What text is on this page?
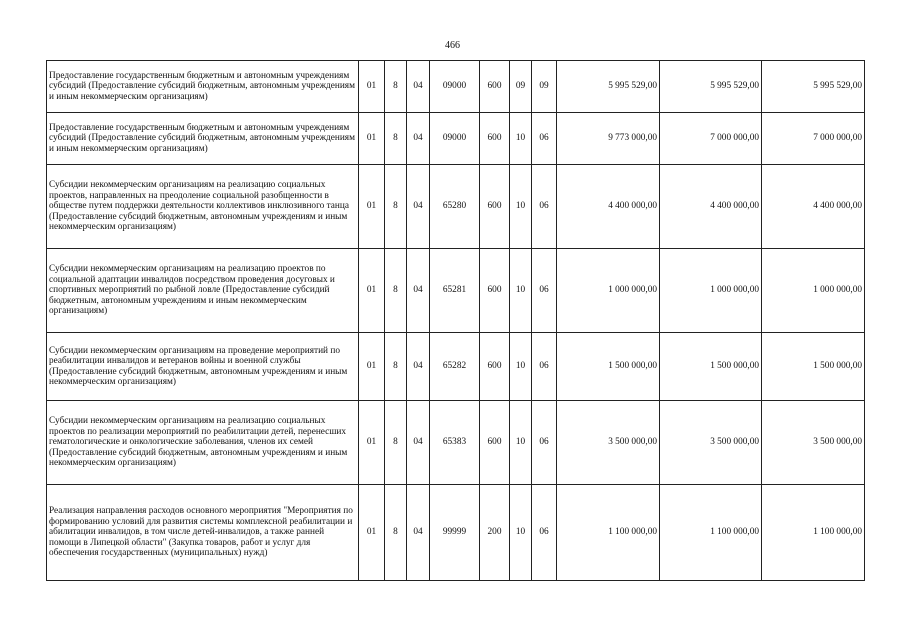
466
Предоставление государственным бюджетным и автономным учреждениям субсидий (Предоставление субсидий бюджетным, автономным учреждениям и иным некоммерческим организациям)	01	8	04	09000	600	09	09	5 995 529,00	5 995 529,00	5 995 529,00
Предоставление государственным бюджетным и автономным учреждениям субсидий (Предоставление субсидий бюджетным, автономным учреждениям и иным некоммерческим организациям)	01	8	04	09000	600	10	06	9 773 000,00	7 000 000,00	7 000 000,00
Субсидии некоммерческим организациям на реализацию социальных проектов, направленных на преодоление социальной разобщенности в обществе путем поддержки деятельности коллективов инклюзивного танца (Предоставление субсидий бюджетным, автономным учреждениям и иным некоммерческим организациям)	01	8	04	65280	600	10	06	4 400 000,00	4 400 000,00	4 400 000,00
Субсидии некоммерческим организациям на реализацию проектов по социальной адаптации инвалидов посредством проведения досуговых и спортивных мероприятий по рыбной ловле (Предоставление субсидий бюджетным, автономным учреждениям и иным некоммерческим организациям)	01	8	04	65281	600	10	06	1 000 000,00	1 000 000,00	1 000 000,00
Субсидии некоммерческим организациям на проведение мероприятий по реабилитации инвалидов и ветеранов войны и военной службы (Предоставление субсидий бюджетным, автономным учреждениям и иным некоммерческим организациям)	01	8	04	65282	600	10	06	1 500 000,00	1 500 000,00	1 500 000,00
Субсидии некоммерческим организациям на реализацию социальных проектов по реализации мероприятий по реабилитации детей, перенесших гематологические и онкологические заболевания, членов их семей (Предоставление субсидий бюджетным, автономным учреждениям и иным некоммерческим организациям)	01	8	04	65383	600	10	06	3 500 000,00	3 500 000,00	3 500 000,00
Реализация направления расходов основного мероприятия "Мероприятия по формированию условий для развития системы комплексной реабилитации и абилитации инвалидов, в том числе детей-инвалидов, а также ранней помощи в Липецкой области" (Закупка товаров, работ и услуг для обеспечения государственных (муниципальных) нужд)	01	8	04	99999	200	10	06	1 100 000,00	1 100 000,00	1 100 000,00
